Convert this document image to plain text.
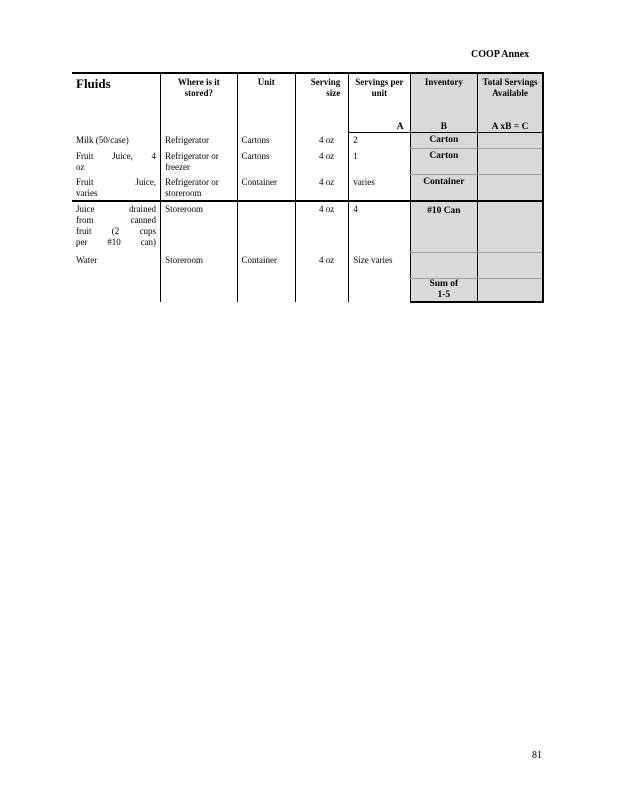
COOP Annex
Fluids	Where is it stored?	Unit	Serving size	Servings per unit	Inventory	Total Servings Available
				A	B	A xB = C
Milk (50/case)	Refrigerator	Cartons	4 oz	2	Carton	

Fruit Juice, 4
oz	Refrigerator or freezer	Cartons	4 oz	1	Carton	

Fruit Juice,
varies	Refrigerator or storeroom	Container	4 oz	varies	Container	

Juice drained
from canned
fruit (2 cups
per #10 can)	Storeroom		4 oz	4	#10 Can	
Water	Storeroom	Container	4 oz	Size varies		
					Sum of 1-5	
81
